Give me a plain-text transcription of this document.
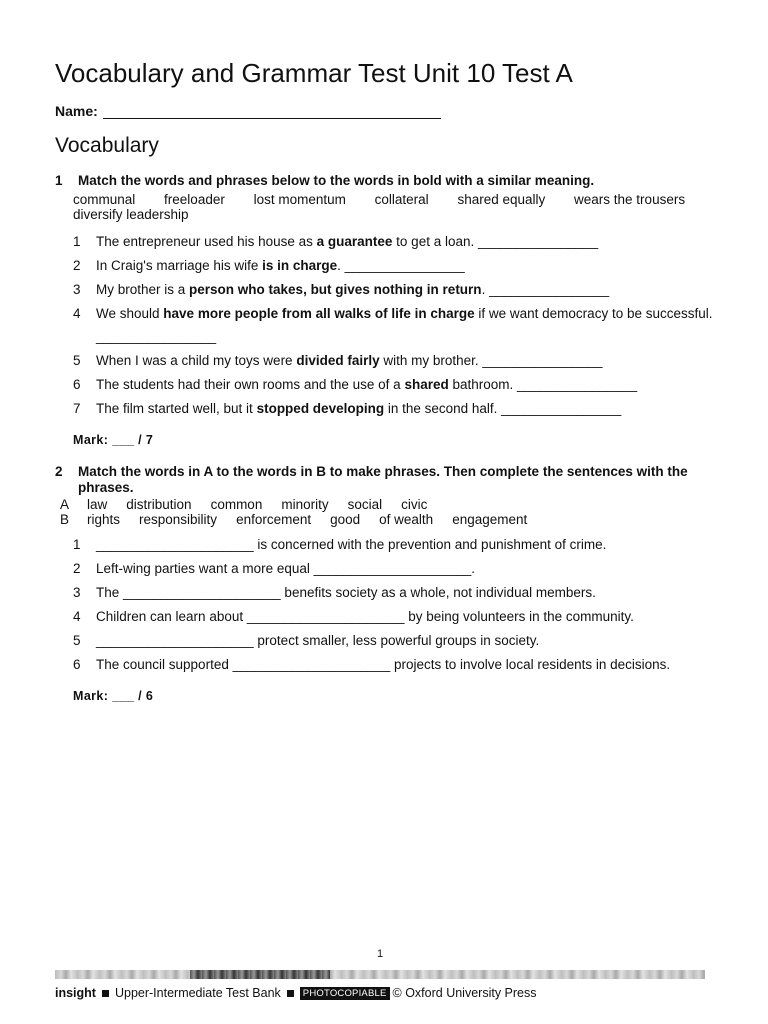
Vocabulary and Grammar Test Unit 10 Test A
Name:
Vocabulary
1	Match the words and phrases below to the words in bold with a similar meaning.
communal freeloader lost momentum collateral shared equally wears the trousers
diversify leadership
1	The entrepreneur used his house as a guarantee to get a loan. ________________
2	In Craig's marriage his wife is in charge. ________________
3	My brother is a person who takes, but gives nothing in return. ________________
4	We should have more people from all walks of life in charge if we want democracy to be successful. ________________
5	When I was a child my toys were divided fairly with my brother. ________________
6	The students had their own rooms and the use of a shared bathroom. ________________
7	The film started well, but it stopped developing in the second half. ________________
Mark: ___ / 7
2	Match the words in A to the words in B to make phrases. Then complete the sentences with the phrases.
A	law distribution common minority social civic
B	rights responsibility enforcement good of wealth engagement
1	_____________________ is concerned with the prevention and punishment of crime.
2	Left-wing parties want a more equal _____________________.
3	The _____________________ benefits society as a whole, not individual members.
4	Children can learn about _____________________ by being volunteers in the community.
5	_____________________ protect smaller, less powerful groups in society.
6	The council supported _____________________ projects to involve local residents in decisions.
Mark: ___ / 6
1
insight Upper-Intermediate Test Bank	PHOTOCOPIABLE © Oxford University Press
